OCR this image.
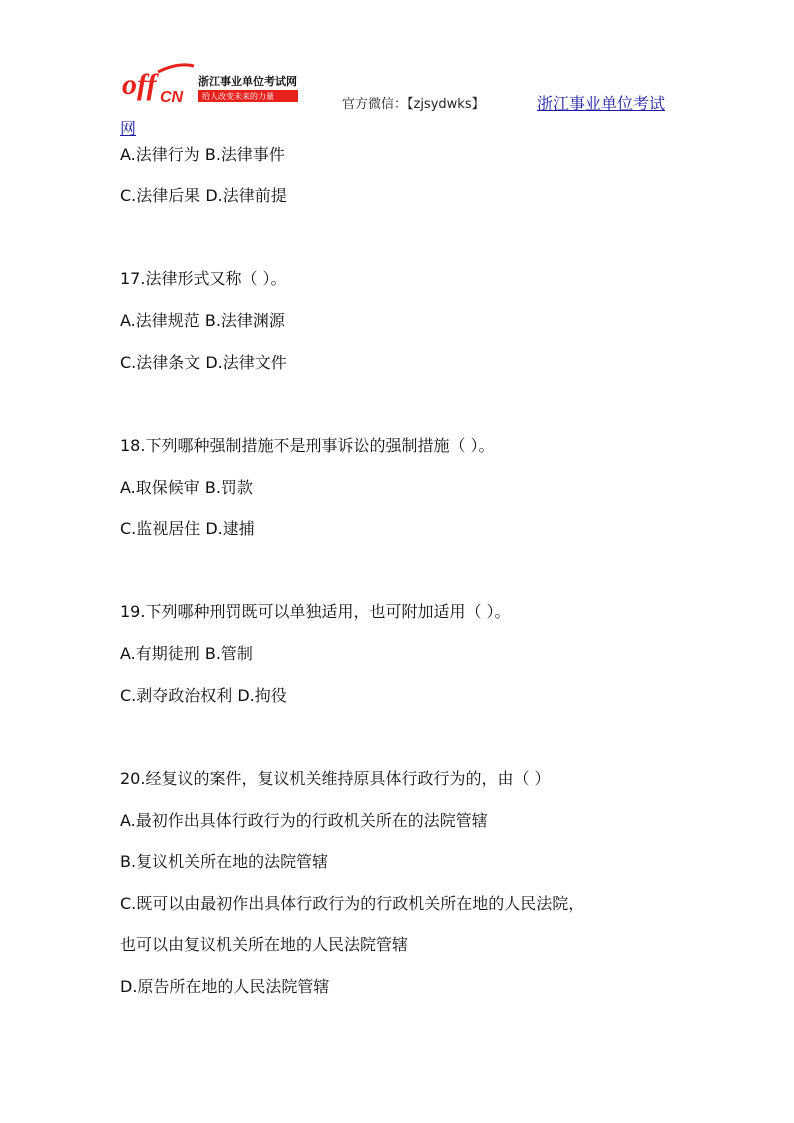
off CN
浙江事业单位考试网
给人改变未来的力量
官方微信：【zjsydwks】	浙江事业单位考试
网
A.法律行为 B.法律事件
C.法律后果 D.法律前提
17.法律形式又称（ ）。
A.法律规范 B.法律渊源
C.法律条文 D.法律文件
18.下列哪种强制措施不是刑事诉讼的强制措施（ ）。
A.取保候审 B.罚款
C.监视居住 D.逮捕
19.下列哪种刑罚既可以单独适用，也可附加适用（ ）。
A.有期徒刑 B.管制
C.剥夺政治权利 D.拘役
20.经复议的案件，复议机关维持原具体行政行为的，由（ ）
A.最初作出具体行政行为的行政机关所在的法院管辖
B.复议机关所在地的法院管辖
C.既可以由最初作出具体行政行为的行政机关所在地的人民法院，
也可以由复议机关所在地的人民法院管辖
D.原告所在地的人民法院管辖
